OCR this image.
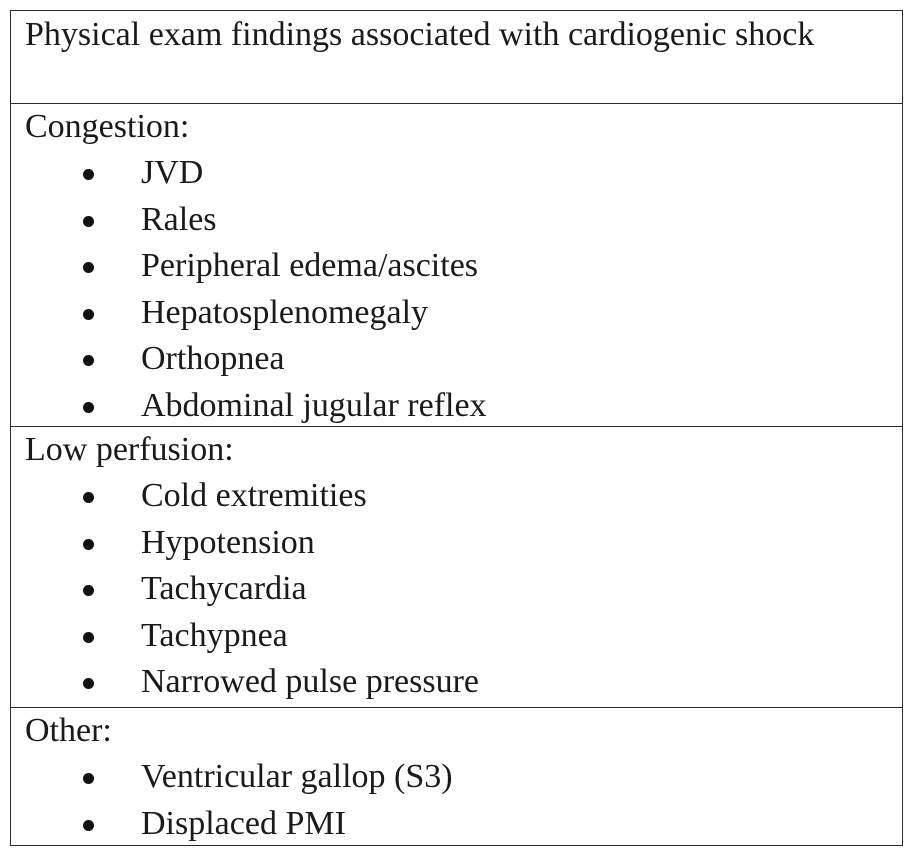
Physical exam findings associated with cardiogenic shock

Congestion:

JVD
Rales
Peripheral edema/ascites
Hepatosplenomegaly
Orthopnea
Abdominal jugular reflex

Low perfusion:

Cold extremities
Hypotension
Tachycardia
Tachypnea
Narrowed pulse pressure

Other:

Ventricular gallop (S3)
Displaced PMI
